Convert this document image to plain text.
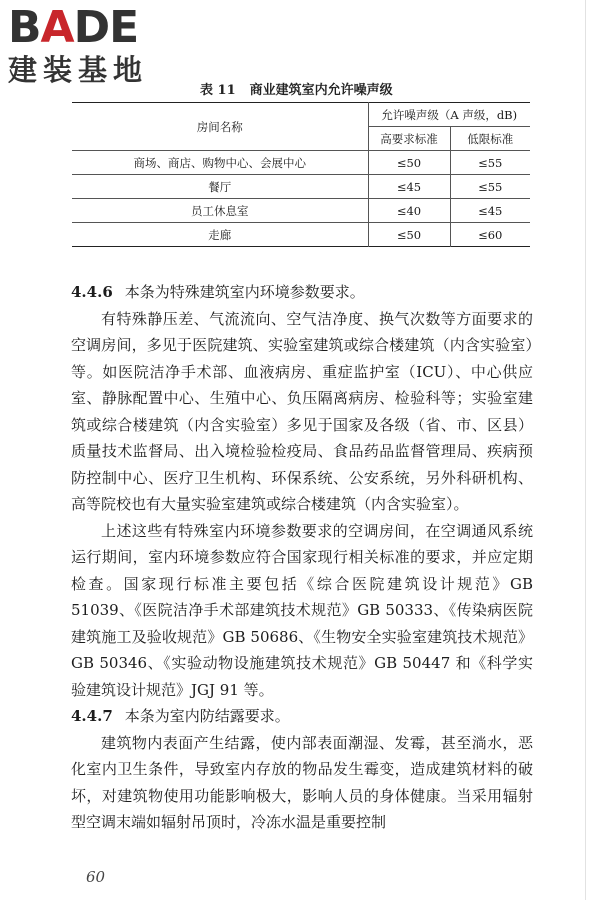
BADE
建装基地
表 11 商业建筑室内允许噪声级
房间名称	允许噪声级（A 声级，dB)	
	高要求标准	低限标准
商场、商店、购物中心、会展中心	≤50	≤55
餐厅	≤45	≤55
员工休息室	≤40	≤45
走廊	≤50	≤60

4.4.6 本条为特殊建筑室内环境参数要求。

有特殊静压差、气流流向、空气洁净度、换气次数等方面要求的空调房间，多见于医院建筑、实验室建筑或综合楼建筑（内含实验室）等。如医院洁净手术部、血液病房、重症监护室（ICU）、中心供应室、静脉配置中心、生殖中心、负压隔离病房、检验科等；实验室建筑或综合楼建筑（内含实验室）多见于国家及各级（省、市、区县）质量技术监督局、出入境检验检疫局、食品药品监督管理局、疾病预防控制中心、医疗卫生机构、环保系统、公安系统，另外科研机构、高等院校也有大量实验室建筑或综合楼建筑（内含实验室）。

上述这些有特殊室内环境参数要求的空调房间，在空调通风系统运行期间，室内环境参数应符合国家现行相关标准的要求，并应定期检查。国家现行标准主要包括《综合医院建筑设计规范》GB 51039、《医院洁净手术部建筑技术规范》GB 50333、《传染病医院建筑施工及验收规范》GB 50686、《生物安全实验室建筑技术规范》GB 50346、《实验动物设施建筑技术规范》GB 50447 和《科学实验建筑设计规范》JGJ 91 等。

4.4.7 本条为室内防结露要求。

建筑物内表面产生结露，使内部表面潮湿、发霉，甚至淌水，恶化室内卫生条件，导致室内存放的物品发生霉变，造成建筑材料的破坏，对建筑物使用功能影响极大，影响人员的身体健康。当采用辐射型空调末端如辐射吊顶时，冷冻水温是重要控制

60
